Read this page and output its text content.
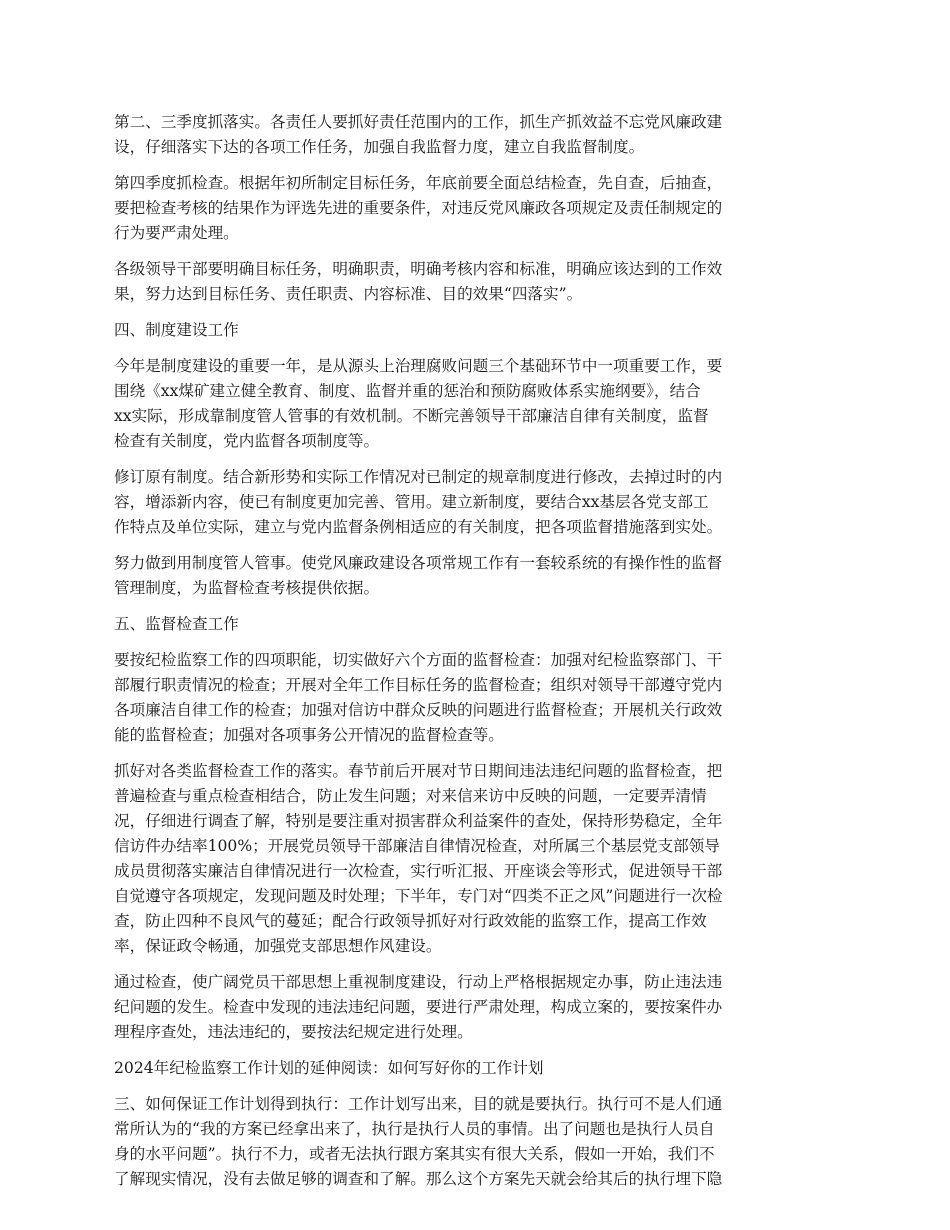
第二、三季度抓落实。各责任人要抓好责任范围内的工作，抓生产抓效益不忘党风廉政建
设，仔细落实下达的各项工作任务，加强自我监督力度，建立自我监督制度。

第四季度抓检查。根据年初所制定目标任务，年底前要全面总结检查，先自查，后抽查，
要把检查考核的结果作为评选先进的重要条件，对违反党风廉政各项规定及责任制规定的
行为要严肃处理。

各级领导干部要明确目标任务，明确职责，明确考核内容和标准，明确应该达到的工作效
果，努力达到目标任务、责任职责、内容标准、目的效果“四落实”。

四、制度建设工作

今年是制度建设的重要一年，是从源头上治理腐败问题三个基础环节中一项重要工作，要
围绕《xx煤矿建立健全教育、制度、监督并重的惩治和预防腐败体系实施纲要》，结合
xx实际，形成靠制度管人管事的有效机制。不断完善领导干部廉洁自律有关制度，监督
检查有关制度，党内监督各项制度等。

修订原有制度。结合新形势和实际工作情况对已制定的规章制度进行修改，去掉过时的内
容，增添新内容，使已有制度更加完善、管用。建立新制度，要结合xx基层各党支部工
作特点及单位实际，建立与党内监督条例相适应的有关制度，把各项监督措施落到实处。

努力做到用制度管人管事。使党风廉政建设各项常规工作有一套较系统的有操作性的监督
管理制度，为监督检查考核提供依据。

五、监督检查工作

要按纪检监察工作的四项职能，切实做好六个方面的监督检查：加强对纪检监察部门、干
部履行职责情况的检查；开展对全年工作目标任务的监督检查；组织对领导干部遵守党内
各项廉洁自律工作的检查；加强对信访中群众反映的问题进行监督检查；开展机关行政效
能的监督检查；加强对各项事务公开情况的监督检查等。

抓好对各类监督检查工作的落实。春节前后开展对节日期间违法违纪问题的监督检查，把
普遍检查与重点检查相结合，防止发生问题；对来信来访中反映的问题，一定要弄清情
况，仔细进行调查了解，特别是要注重对损害群众利益案件的查处，保持形势稳定，全年
信访件办结率100%；开展党员领导干部廉洁自律情况检查，对所属三个基层党支部领导
成员贯彻落实廉洁自律情况进行一次检查，实行听汇报、开座谈会等形式，促进领导干部
自觉遵守各项规定，发现问题及时处理；下半年，专门对“四类不正之风”问题进行一次检
查，防止四种不良风气的蔓延；配合行政领导抓好对行政效能的监察工作，提高工作效
率，保证政令畅通，加强党支部思想作风建设。

通过检查，使广阔党员干部思想上重视制度建设，行动上严格根据规定办事，防止违法违
纪问题的发生。检查中发现的违法违纪问题，要进行严肃处理，构成立案的，要按案件办
理程序查处，违法违纪的，要按法纪规定进行处理。

2024年纪检监察工作计划的延伸阅读：如何写好你的工作计划

三、如何保证工作计划得到执行：工作计划写出来，目的就是要执行。执行可不是人们通
常所认为的“我的方案已经拿出来了，执行是执行人员的事情。出了问题也是执行人员自
身的水平问题”。执行不力，或者无法执行跟方案其实有很大关系，假如一开始，我们不
了解现实情况，没有去做足够的调查和了解。那么这个方案先天就会给其后的执行埋下隐
